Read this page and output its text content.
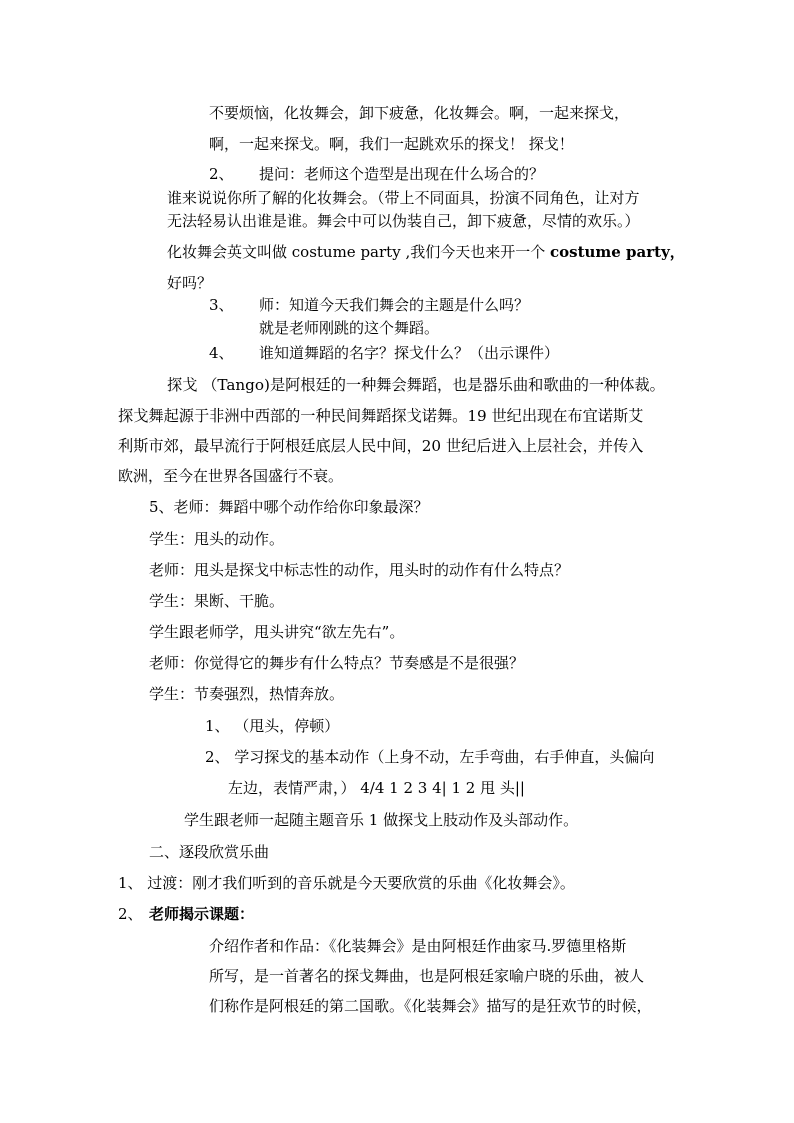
不要烦恼，化妆舞会，卸下疲惫，化妆舞会。啊，一起来探戈，
啊，一起来探戈。啊，我们一起跳欢乐的探戈！ 探戈！
2、 提问：老师这个造型是出现在什么场合的？
谁来说说你所了解的化妆舞会。（带上不同面具，扮演不同角色，让对方
无法轻易认出谁是谁。舞会中可以伪装自己，卸下疲惫，尽情的欢乐。）
化妆舞会英文叫做 costume party ,我们今天也来开一个 costume party，
好吗？
3、 师：知道今天我们舞会的主题是什么吗？
就是老师刚跳的这个舞蹈。
4、 谁知道舞蹈的名字？探戈什么？（出示课件）
探戈 （Tango)是阿根廷的一种舞会舞蹈，也是器乐曲和歌曲的一种体裁。
探戈舞起源于非洲中西部的一种民间舞蹈探戈诺舞。19 世纪出现在布宜诺斯艾
利斯市郊，最早流行于阿根廷底层人民中间，20 世纪后进入上层社会，并传入
欧洲，至今在世界各国盛行不衰。
5、老师：舞蹈中哪个动作给你印象最深？
学生：甩头的动作。
老师：甩头是探戈中标志性的动作，甩头时的动作有什么特点？
学生：果断、干脆。
学生跟老师学，甩头讲究“欲左先右”。
老师：你觉得它的舞步有什么特点？节奏感是不是很强？
学生：节奏强烈，热情奔放。
1、 （甩头，停顿）
2、 学习探戈的基本动作（上身不动，左手弯曲，右手伸直，头偏向
左边，表情严肃，） 4/4 1 2 3 4| 1 2 甩 头||
学生跟老师一起随主题音乐 1 做探戈上肢动作及头部动作。
二、逐段欣赏乐曲
1、 过渡：刚才我们听到的音乐就是今天要欣赏的乐曲《化妆舞会》。
2、 老师揭示课题：
介绍作者和作品：《化装舞会》是由阿根廷作曲家马.罗德里格斯
所写，是一首著名的探戈舞曲，也是阿根廷家喻户晓的乐曲，被人
们称作是阿根廷的第二国歌。《化装舞会》描写的是狂欢节的时候，
